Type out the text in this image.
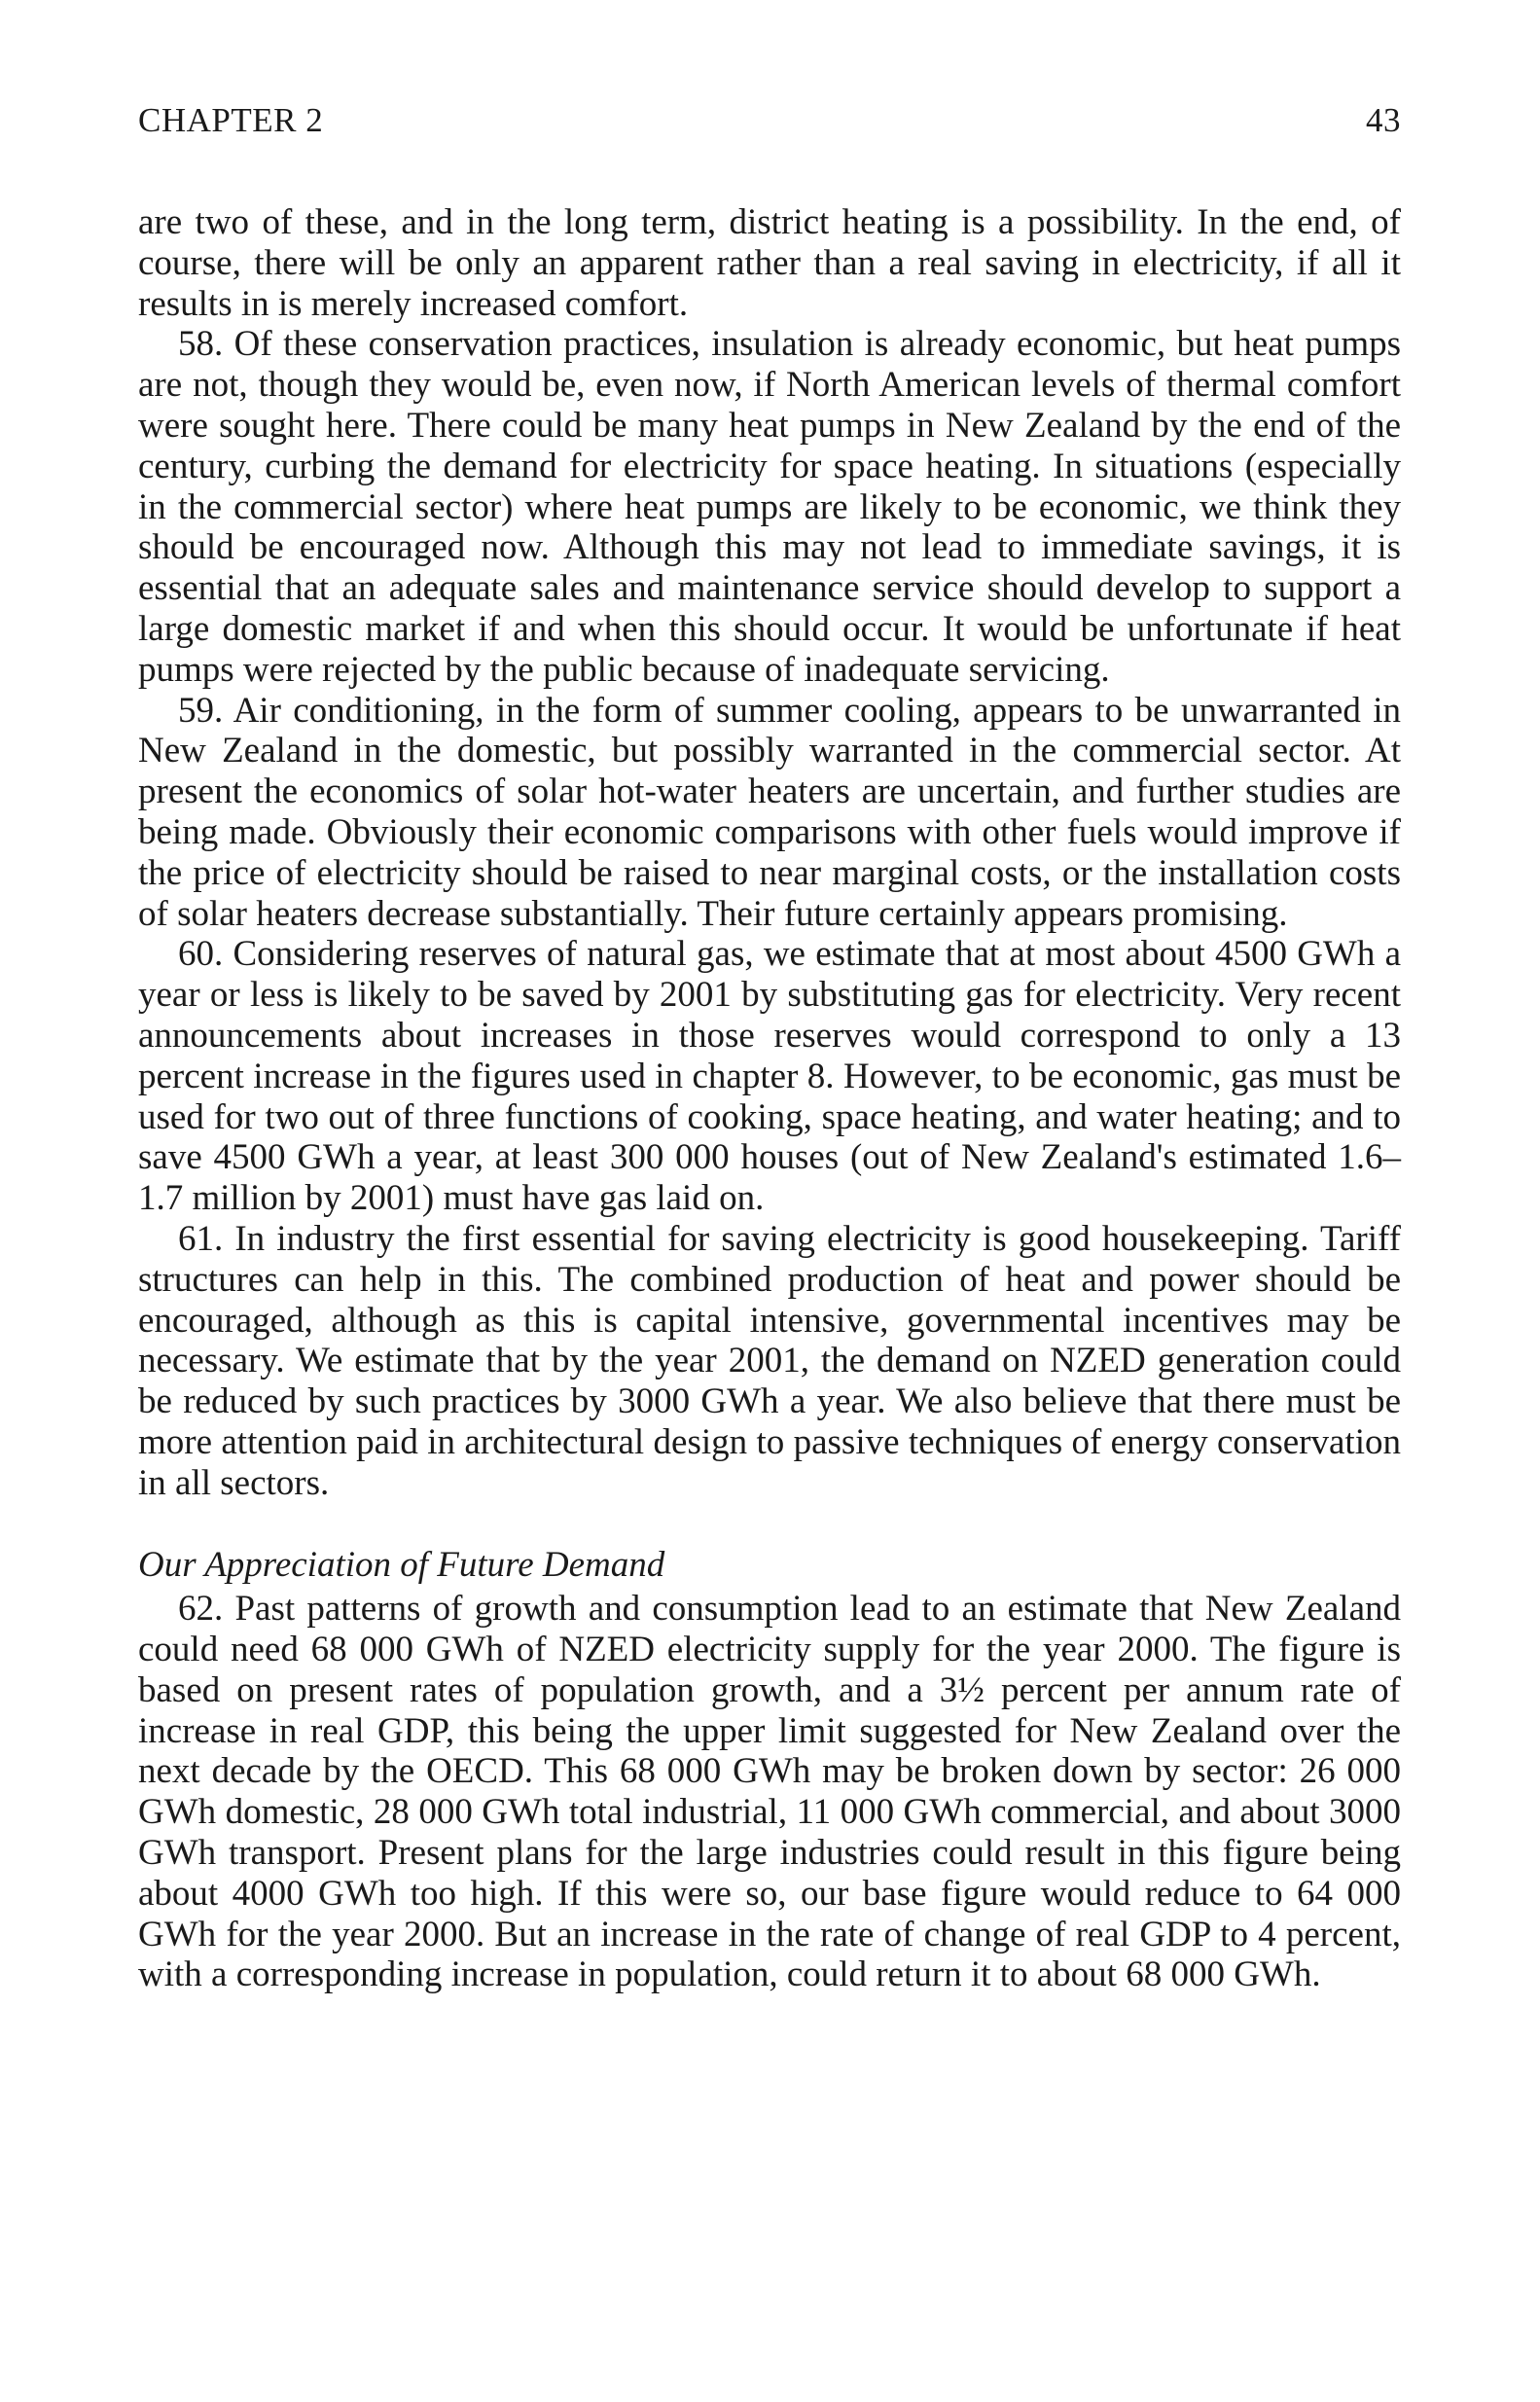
CHAPTER 2	43

are two of these, and in the long term, district heating is a possibility. In the end, of course, there will be only an apparent rather than a real saving in electricity, if all it results in is merely increased comfort.

58. Of these conservation practices, insulation is already economic, but heat pumps are not, though they would be, even now, if North American levels of thermal comfort were sought here. There could be many heat pumps in New Zealand by the end of the century, curbing the demand for electricity for space heating. In situations (especially in the commercial sector) where heat pumps are likely to be economic, we think they should be encouraged now. Although this may not lead to immediate savings, it is essential that an adequate sales and maintenance service should develop to support a large domestic market if and when this should occur. It would be unfortunate if heat pumps were rejected by the public because of inadequate servicing.

59. Air conditioning, in the form of summer cooling, appears to be unwarranted in New Zealand in the domestic, but possibly warranted in the commercial sector. At present the economics of solar hot-water heaters are uncertain, and further studies are being made. Obviously their economic comparisons with other fuels would improve if the price of electricity should be raised to near marginal costs, or the installation costs of solar heaters decrease substantially. Their future certainly appears promising.

60. Considering reserves of natural gas, we estimate that at most about 4500 GWh a year or less is likely to be saved by 2001 by substituting gas for electricity. Very recent announcements about increases in those reserves would correspond to only a 13 percent increase in the figures used in chapter 8. However, to be economic, gas must be used for two out of three functions of cooking, space heating, and water heating; and to save 4500 GWh a year, at least 300 000 houses (out of New Zealand's estimated 1.6–1.7 million by 2001) must have gas laid on.

61. In industry the first essential for saving electricity is good housekeeping. Tariff structures can help in this. The combined production of heat and power should be encouraged, although as this is capital intensive, governmental incentives may be necessary. We estimate that by the year 2001, the demand on NZED generation could be reduced by such practices by 3000 GWh a year. We also believe that there must be more attention paid in architectural design to passive techniques of energy conservation in all sectors.

Our Appreciation of Future Demand

62. Past patterns of growth and consumption lead to an estimate that New Zealand could need 68 000 GWh of NZED electricity supply for the year 2000. The figure is based on present rates of population growth, and a 3½ percent per annum rate of increase in real GDP, this being the upper limit suggested for New Zealand over the next decade by the OECD. This 68 000 GWh may be broken down by sector: 26 000 GWh domestic, 28 000 GWh total industrial, 11 000 GWh commercial, and about 3000 GWh transport. Present plans for the large industries could result in this figure being about 4000 GWh too high. If this were so, our base figure would reduce to 64 000 GWh for the year 2000. But an increase in the rate of change of real GDP to 4 percent, with a corresponding increase in population, could return it to about 68 000 GWh.
